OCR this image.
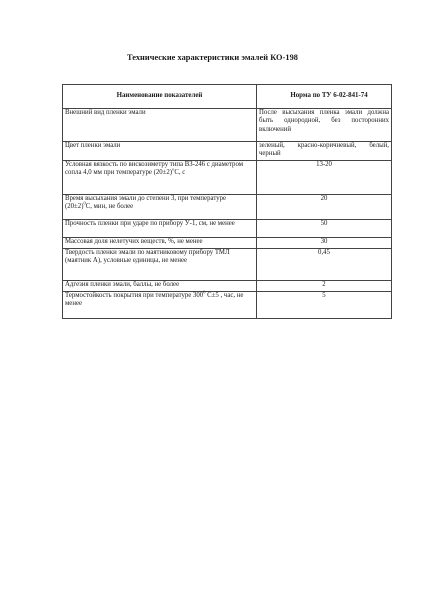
Технические характеристики эмалей КО-198
Наименование показателей	Норма по ТУ 6-02-841-74
Внешний вид пленки эмали	После высыхания пленка эмали должна быть однородной, без посторонних включений
Цвет пленки эмали	зеленый, красно-коричневый, белый, черный
Условная вязкость по вискозиметру типа ВЗ-246 с диаметром сопла 4,0 мм при температуре $(20\pm 2)^оС$, с	13-20
Время высыхания эмали до степени 3, при температуре $(20\pm 2)^0С$, мин, не более	20
Прочность пленки при ударе по прибору У-1, см, не менее	50
Массовая доля нелетучих веществ, %, не менее	30
Твердость пленки эмали по маятниковому прибору ТМЛ (маятник А), условные единицы, не менее	0,45
Адгезия пленки эмали, баллы, не более	2
Термостойкость покрытия при температуре $300^0$ С±5 , час, не менее	5
